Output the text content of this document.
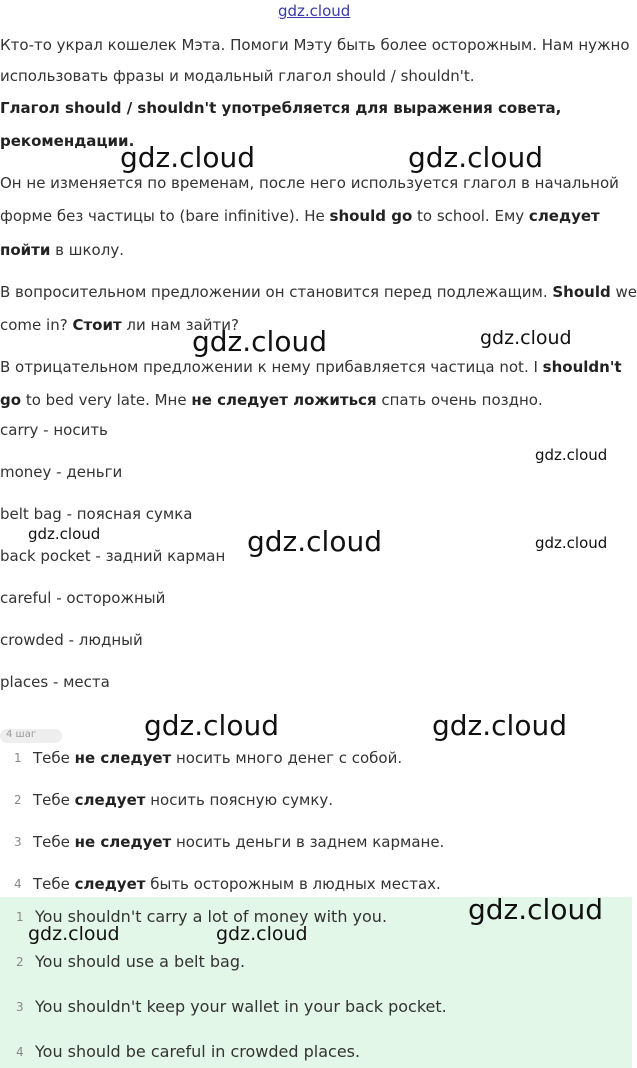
gdz.cloud
Кто-то украл кошелек Мэта. Помоги Мэту быть более осторожным. Нам нужно
использовать фразы и модальный глагол should / shouldn't.
Глагол should / shouldn't употребляется для выражения совета,
рекомендации.
Он не изменяется по временам, после него используется глагол в начальной
форме без частицы to (bare infinitive). Не should go to school. Ему следует
пойти в школу.
В вопросительном предложении он становится перед подлежащим. Should we
come in? Стоит ли нам зайти?
В отрицательном предложении к нему прибавляется частица not. I shouldn't
go to bed very late. Мне не следует ложиться спать очень поздно.
carry - носить
money - деньги
belt bag - поясная сумка
back pocket - задний карман
careful - осторожный
crowded - людный
places - места
4 шаг
1 Тебе не следует носить много денег с собой.
2 Тебе следует носить поясную сумку.
3 Тебе не следует носить деньги в заднем кармане.
4 Тебе следует быть осторожным в людных местах.
1 You shouldn't carry a lot of money with you.
2 You should use a belt bag.
3 You shouldn't keep your wallet in your back pocket.
4 You should be careful in crowded places.
gdz.cloud	gdz.cloud
gdz.cloud	gdz.cloud
gdz.cloud
gdz.cloud	gdz.cloud	gdz.cloud
gdz.cloud	gdz.cloud
gdz.cloud
gdz.cloud	gdz.cloud
